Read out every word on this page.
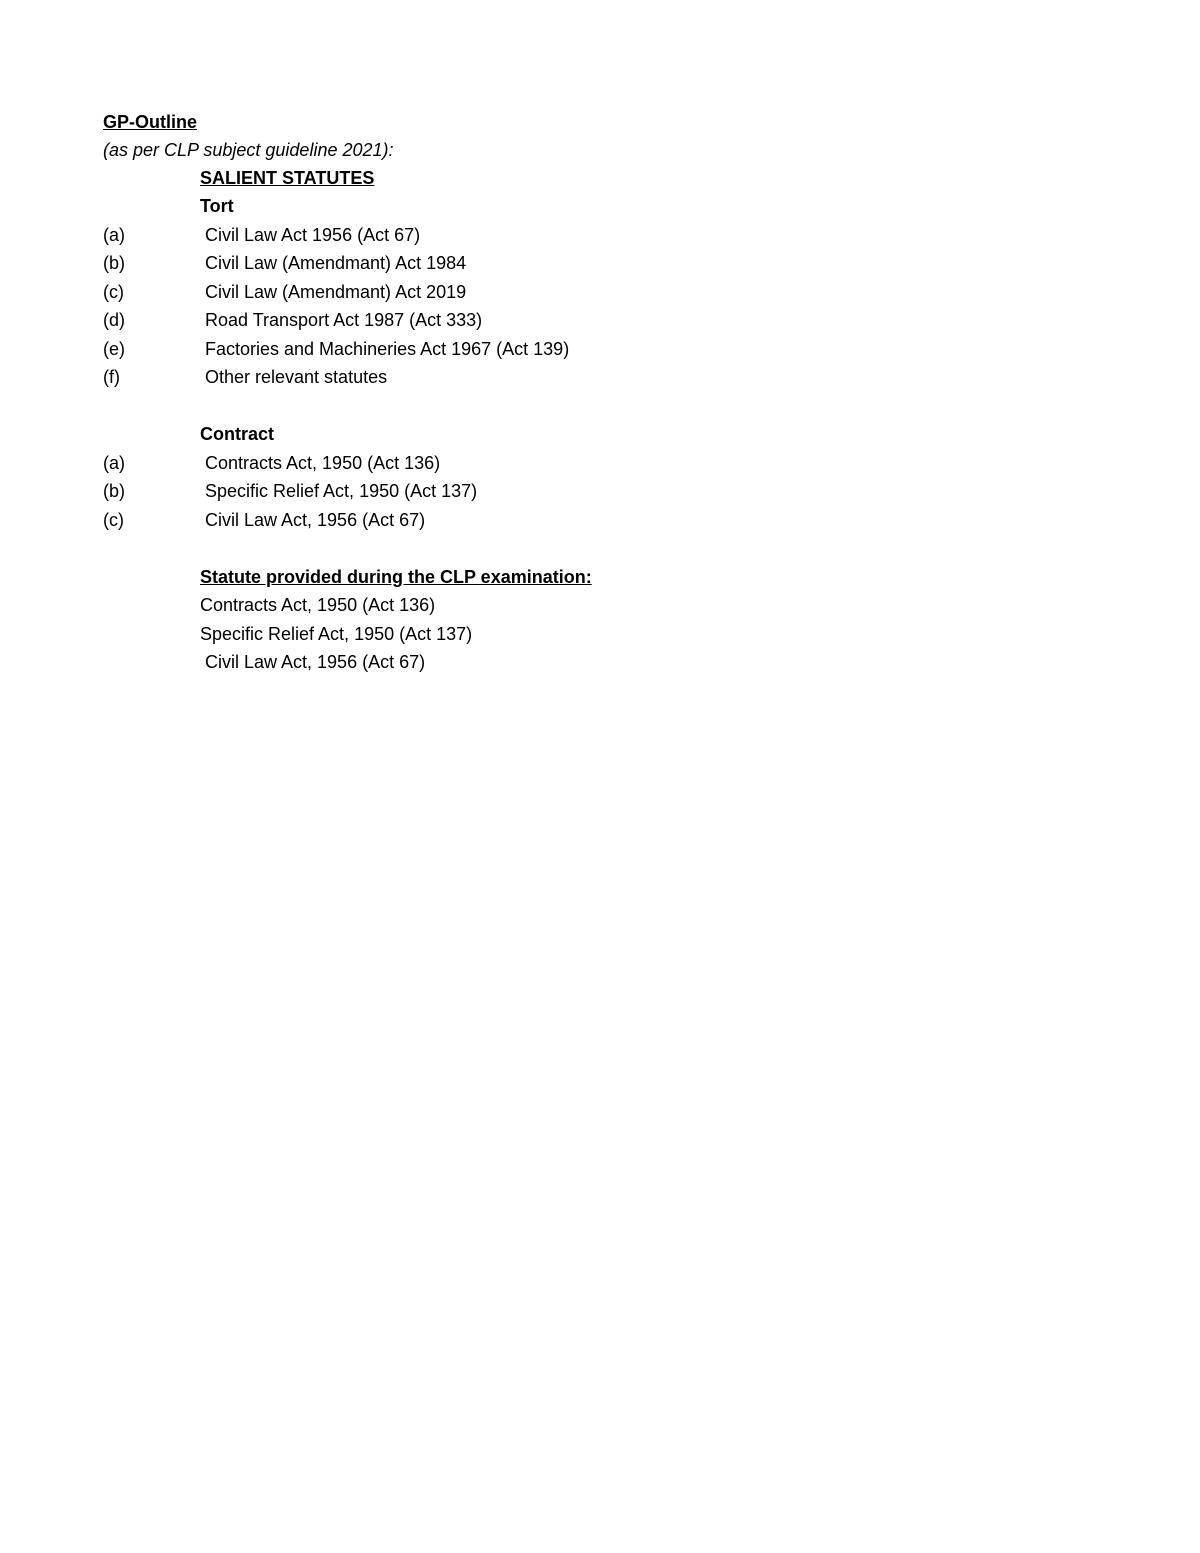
GP-Outline
(as per CLP subject guideline 2021):
SALIENT STATUTES
Tort
(a)	Civil Law Act 1956 (Act 67)
(b)	Civil Law (Amendmant) Act 1984
(c)	Civil Law (Amendmant) Act 2019
(d)	Road Transport Act 1987 (Act 333)
(e)	Factories and Machineries Act 1967 (Act 139)
(f)	Other relevant statutes
Contract
(a)	Contracts Act, 1950 (Act 136)
(b)	Specific Relief Act, 1950 (Act 137)
(c)	Civil Law Act, 1956 (Act 67)
Statute provided during the CLP examination:
Contracts Act, 1950 (Act 136)
Specific Relief Act, 1950 (Act 137)
Civil Law Act, 1956 (Act 67)
